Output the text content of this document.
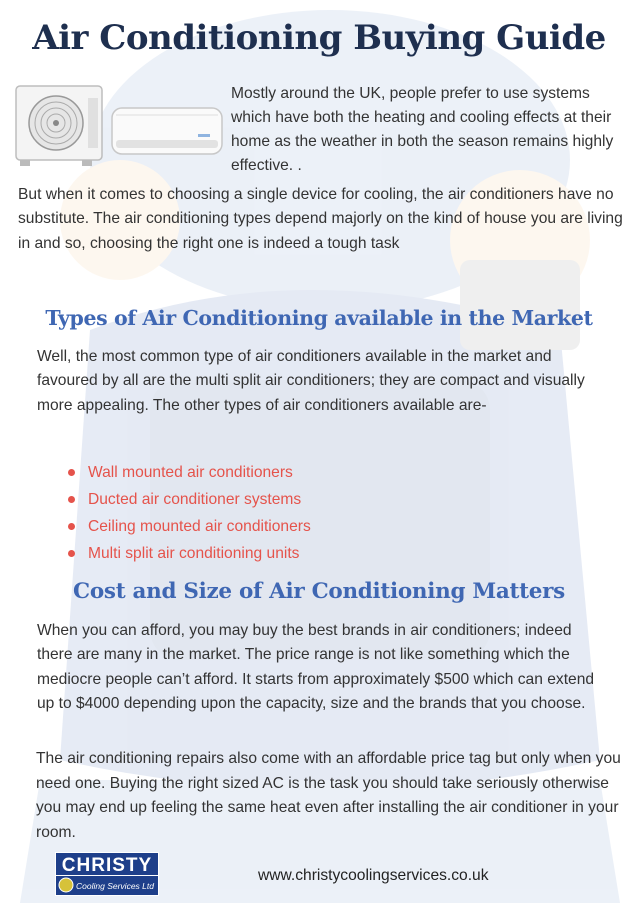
Air Conditioning Buying Guide
Mostly around the UK, people prefer to use systems which have both the heating and cooling effects at their home as the weather in both the season remains highly effective. .
But when it comes to choosing a single device for cooling, the air conditioners have no substitute. The air conditioning types depend majorly on the kind of house you are living in and so, choosing the right one is indeed a tough task
Types of Air Conditioning available in the Market
Well, the most common type of air conditioners available in the market and favoured by all are the multi split air conditioners; they are compact and visually more appealing. The other types of air conditioners available are-
Wall mounted air conditioners
Ducted air conditioner systems
Ceiling mounted air conditioners
Multi split air conditioning units
Cost and Size of Air Conditioning Matters
When you can afford, you may buy the best brands in air conditioners; indeed there are many in the market. The price range is not like something which the mediocre people can’t afford. It starts from approximately $500 which can extend up to $4000 depending upon the capacity, size and the brands that you choose.
The air conditioning repairs also come with an affordable price tag but only when you need one. Buying the right sized AC is the task you should take seriously otherwise you may end up feeling the same heat even after installing the air conditioner in your room.
CHRISTY
Cooling Services Ltd
www.christycoolingservices.co.uk
